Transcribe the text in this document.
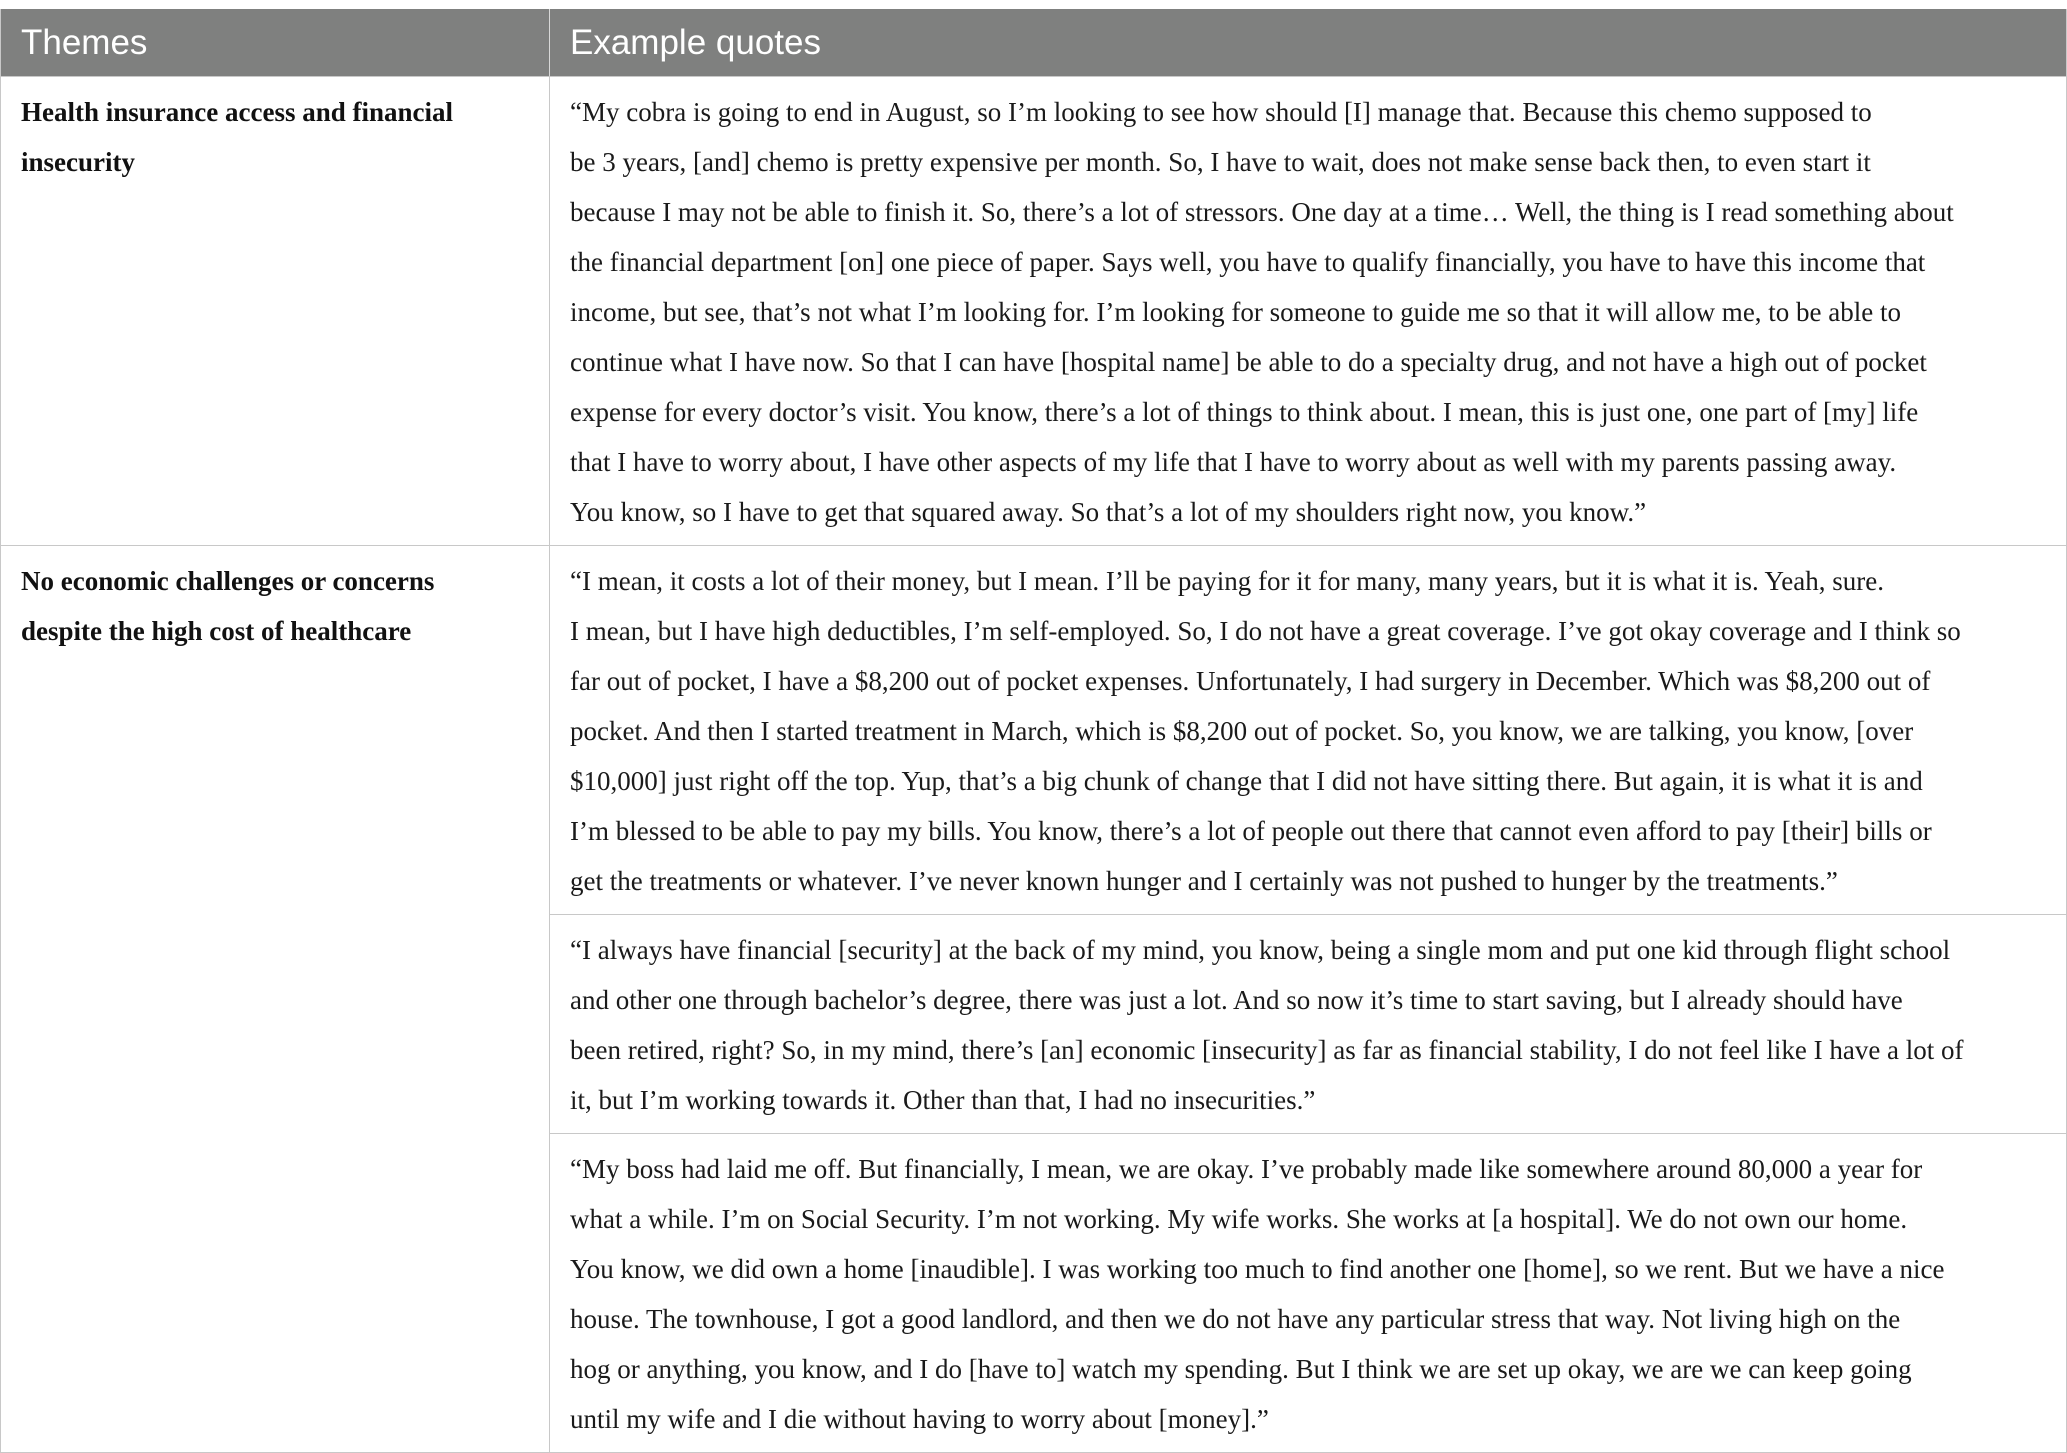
Themes	Example quotes
Health insurance access and financial
insecurity
“My cobra is going to end in August, so I’m looking to see how should [I] manage that. Because this chemo supposed to
be 3 years, [and] chemo is pretty expensive per month. So, I have to wait, does not make sense back then, to even start it
because I may not be able to finish it. So, there’s a lot of stressors. One day at a time… Well, the thing is I read something about
the financial department [on] one piece of paper. Says well, you have to qualify financially, you have to have this income that
income, but see, that’s not what I’m looking for. I’m looking for someone to guide me so that it will allow me, to be able to
continue what I have now. So that I can have [hospital name] be able to do a specialty drug, and not have a high out of pocket
expense for every doctor’s visit. You know, there’s a lot of things to think about. I mean, this is just one, one part of [my] life
that I have to worry about, I have other aspects of my life that I have to worry about as well with my parents passing away.
You know, so I have to get that squared away. So that’s a lot of my shoulders right now, you know.”
No economic challenges or concerns
despite the high cost of healthcare
“I mean, it costs a lot of their money, but I mean. I’ll be paying for it for many, many years, but it is what it is. Yeah, sure.
I mean, but I have high deductibles, I’m self-employed. So, I do not have a great coverage. I’ve got okay coverage and I think so
far out of pocket, I have a $8,200 out of pocket expenses. Unfortunately, I had surgery in December. Which was $8,200 out of
pocket. And then I started treatment in March, which is $8,200 out of pocket. So, you know, we are talking, you know, [over
$10,000] just right off the top. Yup, that’s a big chunk of change that I did not have sitting there. But again, it is what it is and
I’m blessed to be able to pay my bills. You know, there’s a lot of people out there that cannot even afford to pay [their] bills or
get the treatments or whatever. I’ve never known hunger and I certainly was not pushed to hunger by the treatments.”
“I always have financial [security] at the back of my mind, you know, being a single mom and put one kid through flight school
and other one through bachelor’s degree, there was just a lot. And so now it’s time to start saving, but I already should have
been retired, right? So, in my mind, there’s [an] economic [insecurity] as far as financial stability, I do not feel like I have a lot of
it, but I’m working towards it. Other than that, I had no insecurities.”
“My boss had laid me off. But financially, I mean, we are okay. I’ve probably made like somewhere around 80,000 a year for
what a while. I’m on Social Security. I’m not working. My wife works. She works at [a hospital]. We do not own our home.
You know, we did own a home [inaudible]. I was working too much to find another one [home], so we rent. But we have a nice
house. The townhouse, I got a good landlord, and then we do not have any particular stress that way. Not living high on the
hog or anything, you know, and I do [have to] watch my spending. But I think we are set up okay, we are we can keep going
until my wife and I die without having to worry about [money].”
